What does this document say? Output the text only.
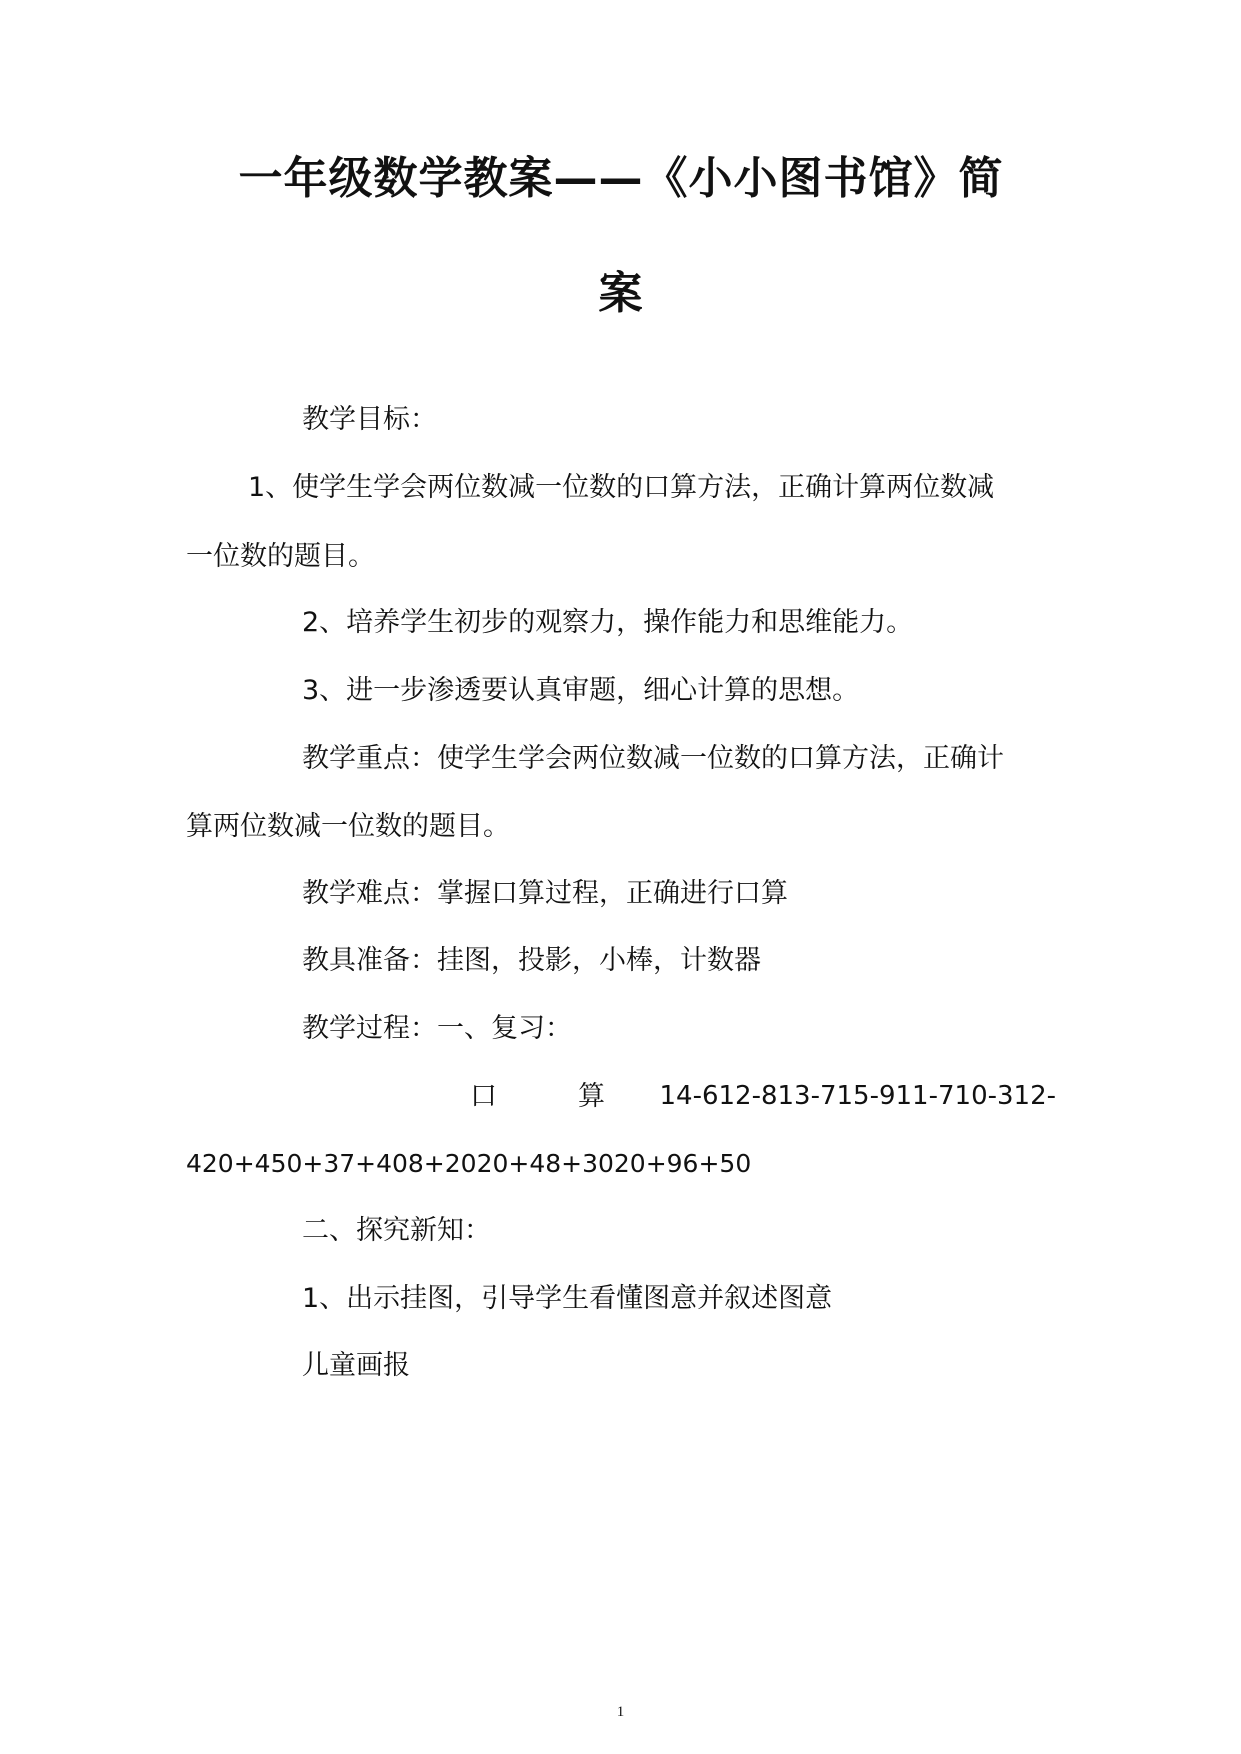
一年级数学教案——《小小图书馆》简
案
教学目标：
1、使学生学会两位数减一位数的口算方法，正确计算两位数减
一位数的题目。
2、培养学生初步的观察力，操作能力和思维能力。
3、进一步渗透要认真审题，细心计算的思想。
教学重点：使学生学会两位数减一位数的口算方法，正确计
算两位数减一位数的题目。
教学难点：掌握口算过程，正确进行口算
教具准备：挂图，投影，小棒，计数器
教学过程：一、复习：
口	算 14-612-813-715-911-710-312-
420+450+37+408+2020+48+3020+96+50
二、探究新知：
1、出示挂图，引导学生看懂图意并叙述图意
儿童画报
1
